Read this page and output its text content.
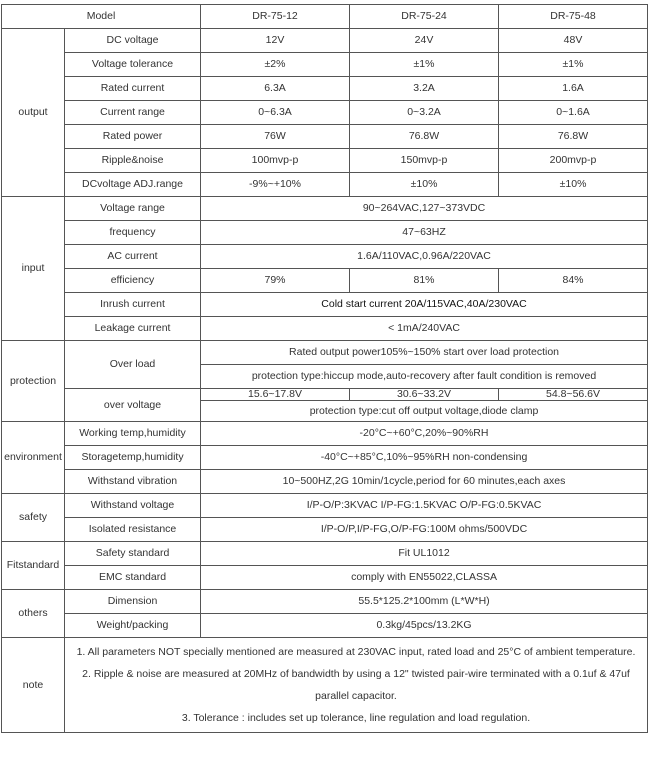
Model		DR-75-12	DR-75-24	DR-75-48
output	DC voltage	12V	24V	48V
	Voltage tolerance	±2%	±1%	±1%
	Rated current	6.3A	3.2A	1.6A
	Current range	0~6.3A	0~3.2A	0~1.6A
	Rated power	76W	76.8W	76.8W
	Ripple&noise	100mvp-p	150mvp-p	200mvp-p
	DCvoltage ADJ.range	-9%~+10%	±10%	±10%
input	Voltage range	90~264VAC,127~373VDC		
	frequency	47~63HZ		
	AC current	1.6A/110VAC,0.96A/220VAC		
	efficiency	79%	81%	84%
	Inrush current	Cold start current 20A/115VAC,40A/230VAC		
	Leakage current	< 1mA/240VAC		
protection	Over load	Rated output power105%~150% start over load protection		
		protection type:hiccup mode,auto-recovery after fault condition is removed		
	over voltage	15.6~17.8V	30.6~33.2V	54.8~56.6V
		protection type:cut off output voltage,diode clamp		

environment	Working temp,humidity	-20°C~+60°C,20%~90%RH		
	Storagetemp,humidity	-40°C~+85°C,10%~95%RH non-condensing		
	Withstand vibration	10~500HZ,2G 10min/1cycle,period for 60 minutes,each axes		
safety	Withstand voltage	I/P-O/P:3KVAC I/P-FG:1.5KVAC O/P-FG:0.5KVAC		
	Isolated resistance	I/P-O/P,I/P-FG,O/P-FG:100M ohms/500VDC		
Fitstandard	Safety standard	Fit UL1012		
	EMC standard	comply with EN55022,CLASSA		
others	Dimension	55.5*125.2*100mm (L*W*H)		
	Weight/packing	0.3kg/45pcs/13.2KG		
note	1. All parameters NOT specially mentioned are measured at 230VAC input, rated load and 25°C of ambient temperature.
2. Ripple & noise are measured at 20MHz of bandwidth by using a 12" twisted pair-wire terminated with a 0.1uf & 47uf parallel capacitor.
3. Tolerance : includes set up tolerance, line regulation and load regulation.			
